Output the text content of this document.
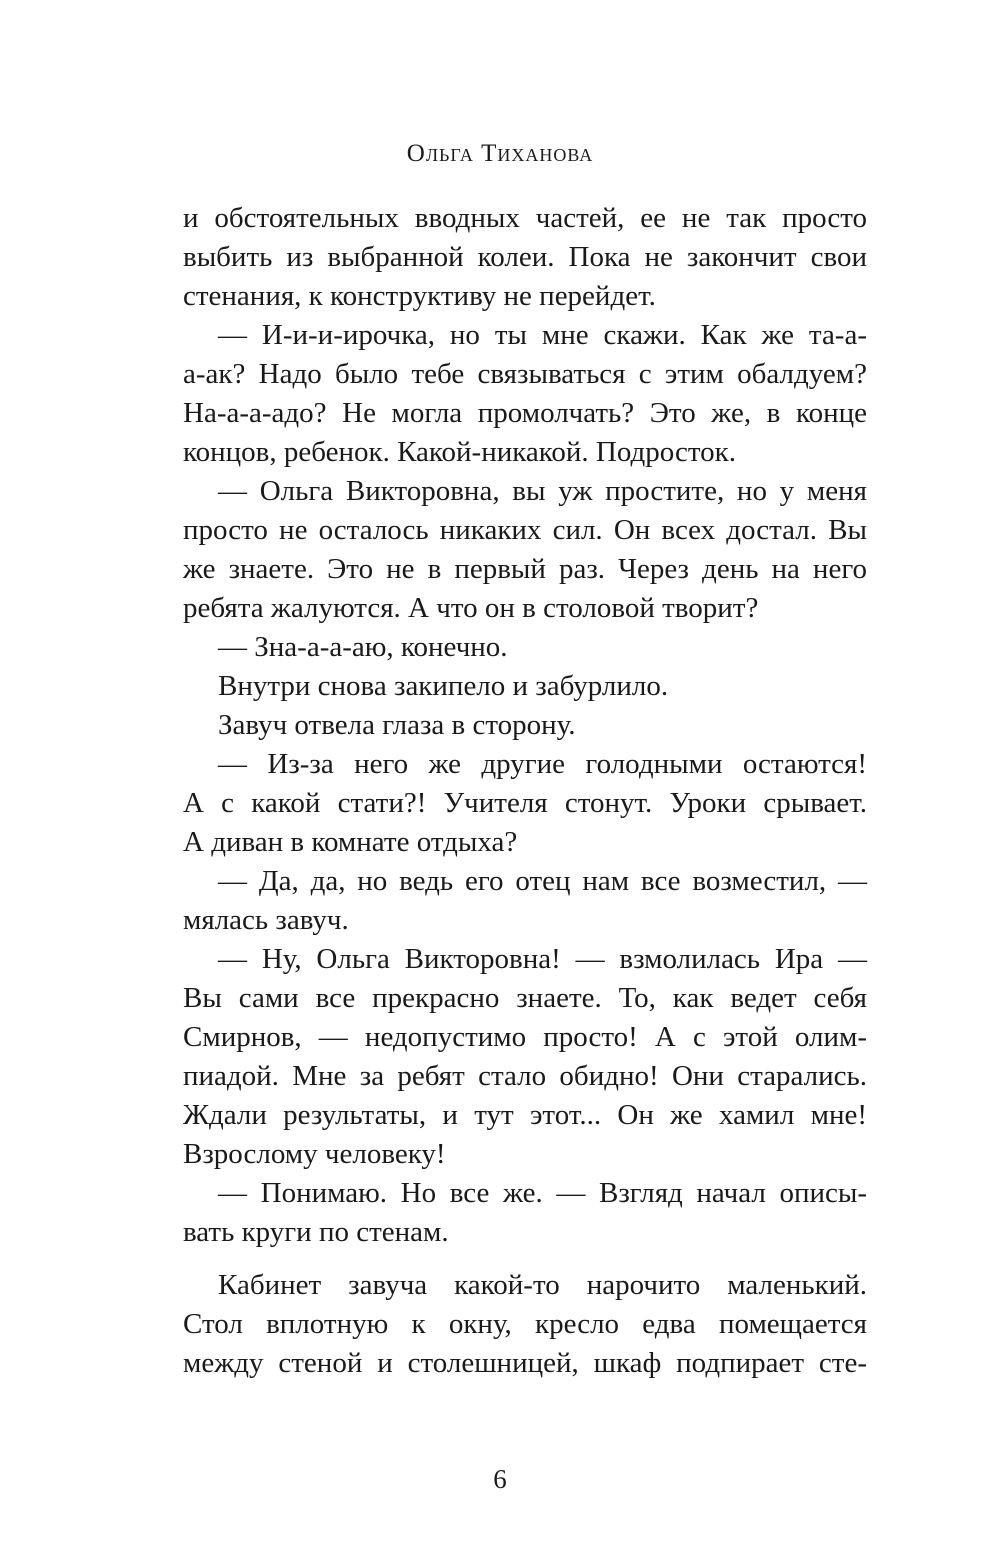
Ольга Тиханова
и обстоятельных вводных частей, ее не так просто
выбить из выбранной колеи. Пока не закончит свои
стенания, к конструктиву не перейдет.
— И-и-и-ирочка, но ты мне скажи. Как же та-а-
а-ак? Надо было тебе связываться с этим обалдуем?
На-а-а-адо? Не могла промолчать? Это же, в конце
концов, ребенок. Какой-никакой. Подросток.
— Ольга Викторовна, вы уж простите, но у меня
просто не осталось никаких сил. Он всех достал. Вы
же знаете. Это не в первый раз. Через день на него
ребята жалуются. А что он в столовой творит?
— Зна-а-а-аю, конечно.
Внутри снова закипело и забурлило.
Завуч отвела глаза в сторону.
— Из-за него же другие голодными остаются!
А с какой стати?! Учителя стонут. Уроки срывает.
А диван в комнате отдыха?
— Да, да, но ведь его отец нам все возместил, —
мялась завуч.
— Ну, Ольга Викторовна! — взмолилась Ира —
Вы сами все прекрасно знаете. То, как ведет себя
Смирнов, — недопустимо просто! А с этой олим-
пиадой. Мне за ребят стало обидно! Они старались.
Ждали результаты, и тут этот... Он же хамил мне!
Взрослому человеку!
— Понимаю. Но все же. — Взгляд начал описы-
вать круги по стенам.
Кабинет завуча какой-то нарочито маленький.
Стол вплотную к окну, кресло едва помещается
между стеной и столешницей, шкаф подпирает сте-
6
